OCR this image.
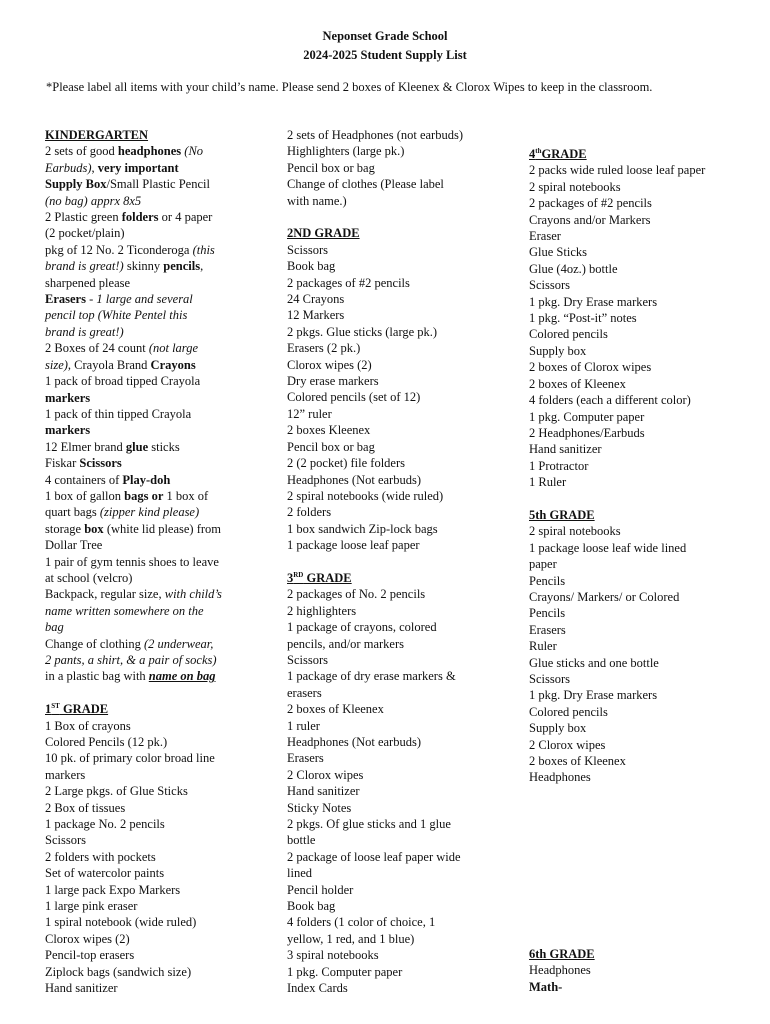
Neponset Grade School
2024-2025 Student Supply List
*Please label all items with your child’s name. Please send 2 boxes of Kleenex & Clorox Wipes to keep in the classroom.
KINDERGARTEN
2 sets of good headphones (No
Earbuds), very important
Supply Box/Small Plastic Pencil
(no bag) apprx 8x5
2 Plastic green folders or 4 paper
(2 pocket/plain)
pkg of 12 No. 2 Ticonderoga (this
brand is great!) skinny pencils,
sharpened please
Erasers - 1 large and several
pencil top (White Pentel this
brand is great!)
2 Boxes of 24 count (not large
size), Crayola Brand Crayons
1 pack of broad tipped Crayola
markers
1 pack of thin tipped Crayola
markers
12 Elmer brand glue sticks
Fiskar Scissors
4 containers of Play-doh
1 box of gallon bags or 1 box of
quart bags (zipper kind please)
storage box (white lid please) from
Dollar Tree
1 pair of gym tennis shoes to leave
at school (velcro)
Backpack, regular size, with child’s
name written somewhere on the
bag
Change of clothing (2 underwear,
2 pants, a shirt, & a pair of socks)
in a plastic bag with name on bag
1ST GRADE
1 Box of crayons
Colored Pencils (12 pk.)
10 pk. of primary color broad line
markers
2 Large pkgs. of Glue Sticks
2 Box of tissues
1 package No. 2 pencils
Scissors
2 folders with pockets
Set of watercolor paints
1 large pack Expo Markers
1 large pink eraser
1 spiral notebook (wide ruled)
Clorox wipes (2)
Pencil-top erasers
Ziplock bags (sandwich size)
Hand sanitizer
2 sets of Headphones (not earbuds)
Highlighters (large pk.)
Pencil box or bag
Change of clothes (Please label
with name.)
2ND GRADE
Scissors
Book bag
2 packages of #2 pencils
24 Crayons
12 Markers
2 pkgs. Glue sticks (large pk.)
Erasers (2 pk.)
Clorox wipes (2)
Dry erase markers
Colored pencils (set of 12)
12” ruler
2 boxes Kleenex
Pencil box or bag
2 (2 pocket) file folders
Headphones (Not earbuds)
2 spiral notebooks (wide ruled)
2 folders
1 box sandwich Zip-lock bags
1 package loose leaf paper
3RD GRADE
2 packages of No. 2 pencils
2 highlighters
1 package of crayons, colored
pencils, and/or markers
Scissors
1 package of dry erase markers &
erasers
2 boxes of Kleenex
1 ruler
Headphones (Not earbuds)
Erasers
2 Clorox wipes
Hand sanitizer
Sticky Notes
2 pkgs. Of glue sticks and 1 glue
bottle
2 package of loose leaf paper wide
lined
Pencil holder
Book bag
4 folders (1 color of choice, 1
yellow, 1 red, and 1 blue)
3 spiral notebooks
1 pkg. Computer paper
Index Cards
4thGRADE
2 packs wide ruled loose leaf paper
2 spiral notebooks
2 packages of #2 pencils
Crayons and/or Markers
Eraser
Glue Sticks
Glue (4oz.) bottle
Scissors
1 pkg. Dry Erase markers
1 pkg. “Post-it” notes
Colored pencils
Supply box
2 boxes of Clorox wipes
2 boxes of Kleenex
4 folders (each a different color)
1 pkg. Computer paper
2 Headphones/Earbuds
Hand sanitizer
1 Protractor
1 Ruler
5th GRADE
2 spiral notebooks
1 package loose leaf wide lined
paper
Pencils
Crayons/ Markers/ or Colored
Pencils
Erasers
Ruler
Glue sticks and one bottle
Scissors
1 pkg. Dry Erase markers
Colored pencils
Supply box
2 Clorox wipes
2 boxes of Kleenex
Headphones
6th GRADE
Headphones
Math-
